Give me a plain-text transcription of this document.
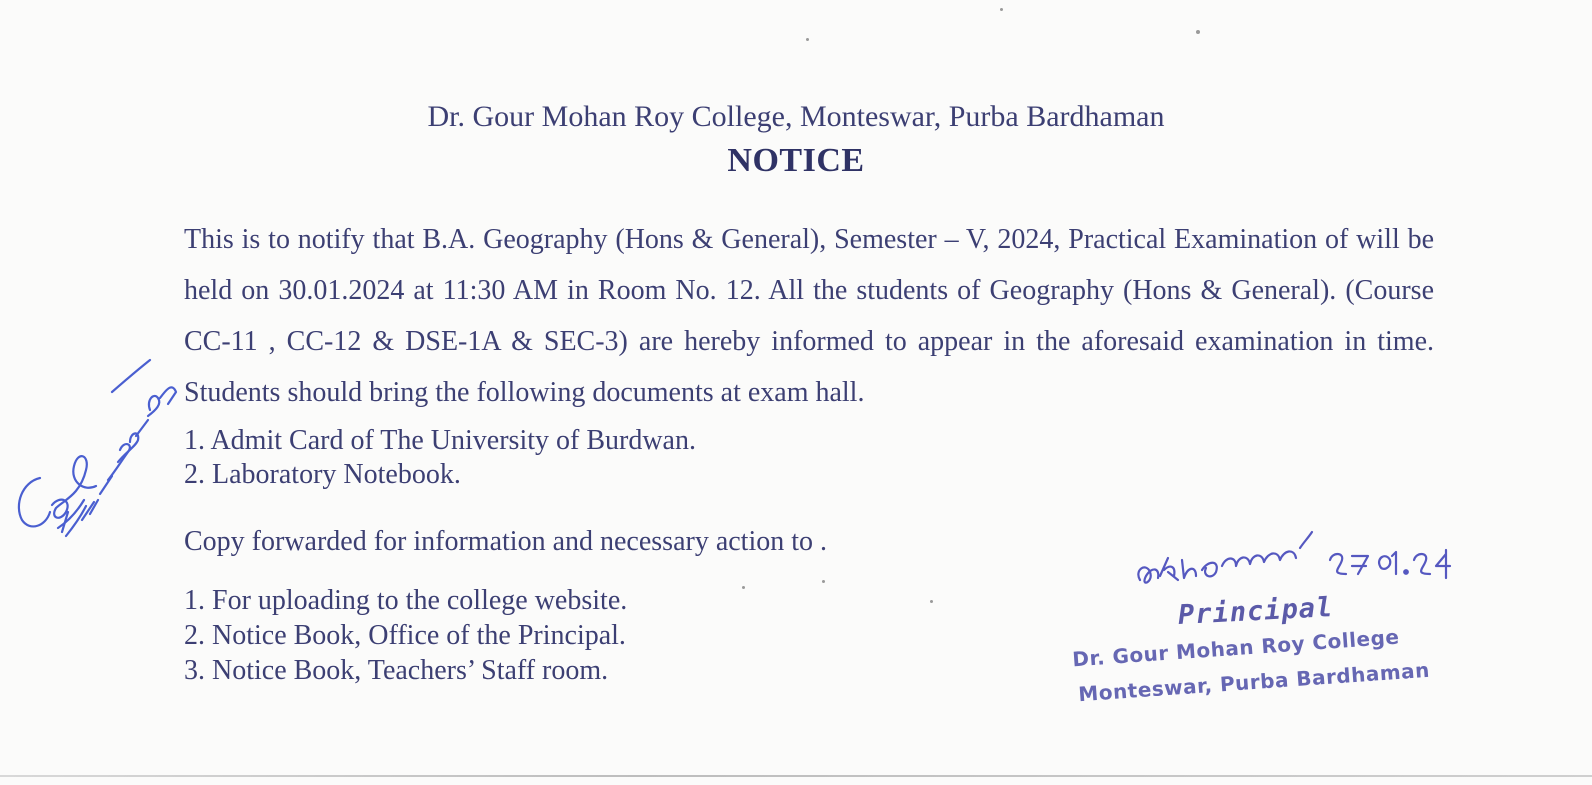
Dr. Gour Mohan Roy College, Monteswar, Purba Bardhaman
NOTICE
This is to notify that B.A. Geography (Hons & General), Semester – V, 2024, Practical Examination of will be held on 30.01.2024 at 11:30 AM in Room No. 12. All the students of Geography (Hons & General). (Course CC-11 , CC-12 & DSE-1A & SEC-3) are hereby informed to appear in the aforesaid examination in time. Students should bring the following documents at exam hall.
1. Admit Card of The University of Burdwan.
2. Laboratory Notebook.
Copy forwarded for information and necessary action to .
1. For uploading to the college website.
2. Notice Book, Office of the Principal.
3. Notice Book, Teachers’ Staff room.
Principal
Dr. Gour Mohan Roy College
Monteswar, Purba Bardhaman
